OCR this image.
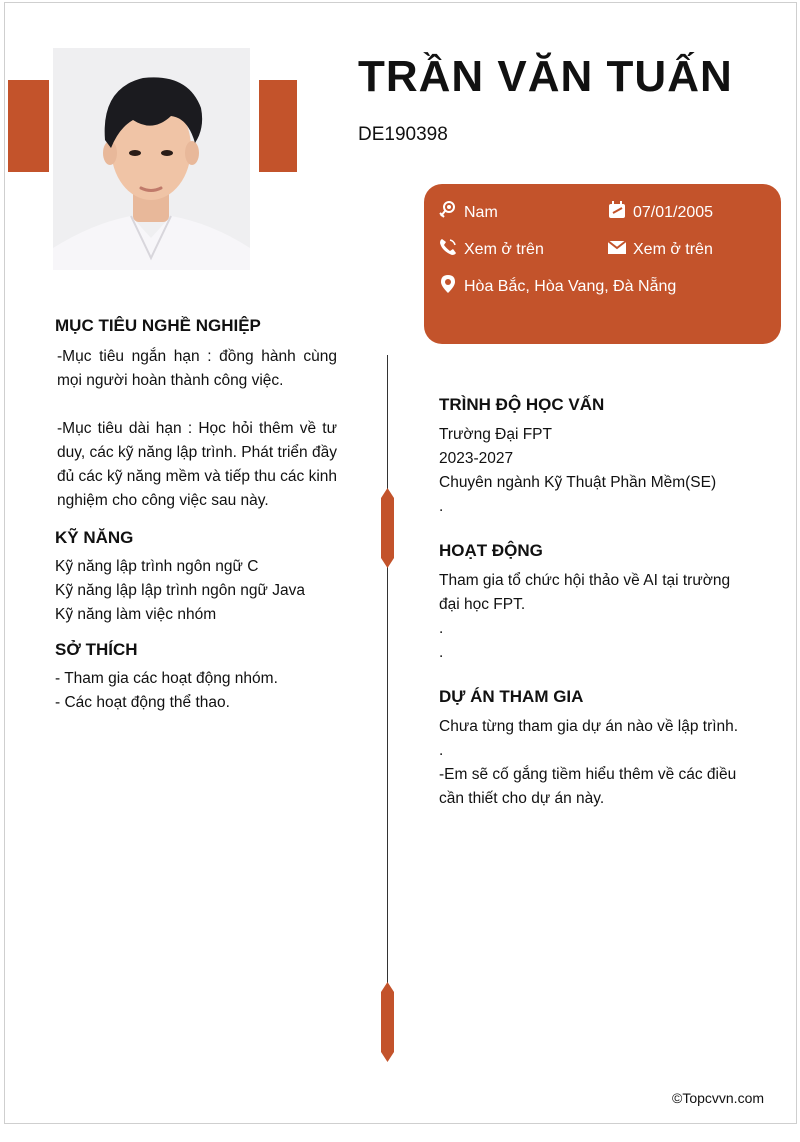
TRẦN VĂN TUẤN
DE190398
Nam	07/01/2005
Xem ở trên	Xem ở trên
Hòa Bắc, Hòa Vang, Đà Nẵng
MỤC TIÊU NGHỀ NGHIỆP
-Mục tiêu ngắn hạn : đồng hành cùng mọi người hoàn thành công việc.
-Mục tiêu dài hạn : Học hỏi thêm về tư duy, các kỹ năng lập trình. Phát triển đầy đủ các kỹ năng mềm và tiếp thu các kinh nghiệm cho công việc sau này.
KỸ NĂNG
Kỹ năng lập trình ngôn ngữ C
Kỹ năng lập lập trình ngôn ngữ Java
Kỹ năng làm việc nhóm
SỞ THÍCH
- Tham gia các hoạt động nhóm.
- Các hoạt động thể thao.
TRÌNH ĐỘ HỌC VẤN
Trường Đại FPT
2023-2027
Chuyên ngành Kỹ Thuật Phần Mềm(SE)
.
HOẠT ĐỘNG
Tham gia tổ chức hội thảo về AI tại trường đại học FPT.
.
.
DỰ ÁN THAM GIA
Chưa từng tham gia dự án nào về lập trình.
.
-Em sẽ cố gắng tiềm hiểu thêm về các điều cần thiết cho dự án này.
©Topcvvn.com
